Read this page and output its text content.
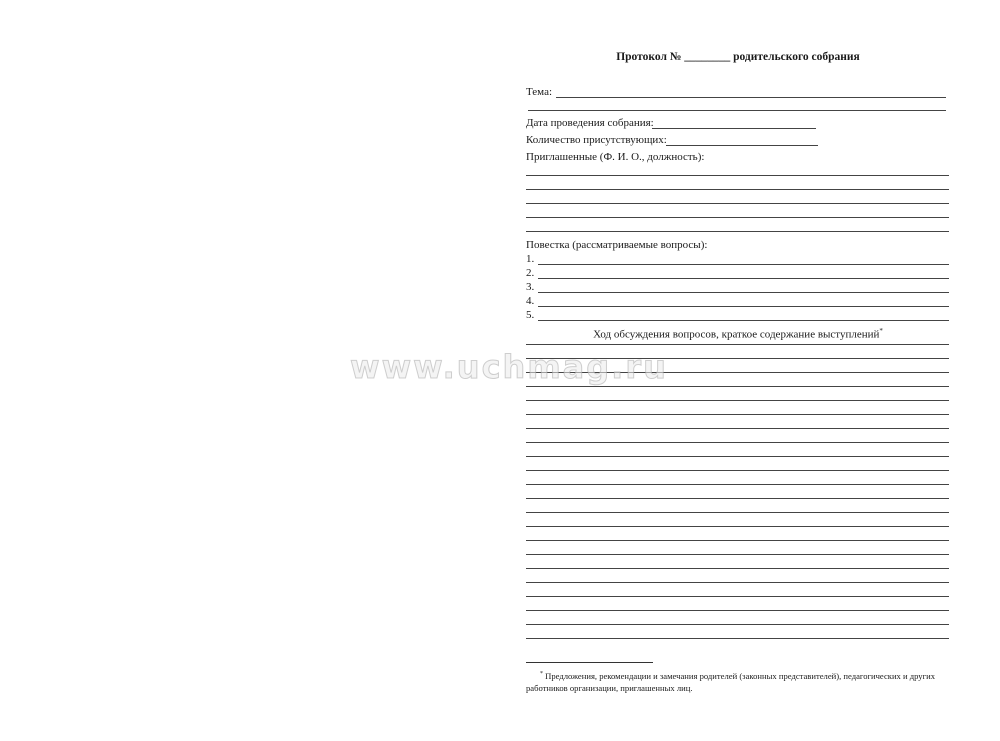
Протокол № ________ родительского собрания
Тема:
Дата проведения собрания:
Количество присутствующих:
Приглашенные (Ф. И. О., должность):
Повестка (рассматриваемые вопросы):
1.
2.
3.
4.
5.
Ход обсуждения вопросов, краткое содержание выступлений*
* Предложения, рекомендации и замечания родителей (законных представителей), педагогических и других работников организации, приглашенных лиц.
www.uchmag.ru
